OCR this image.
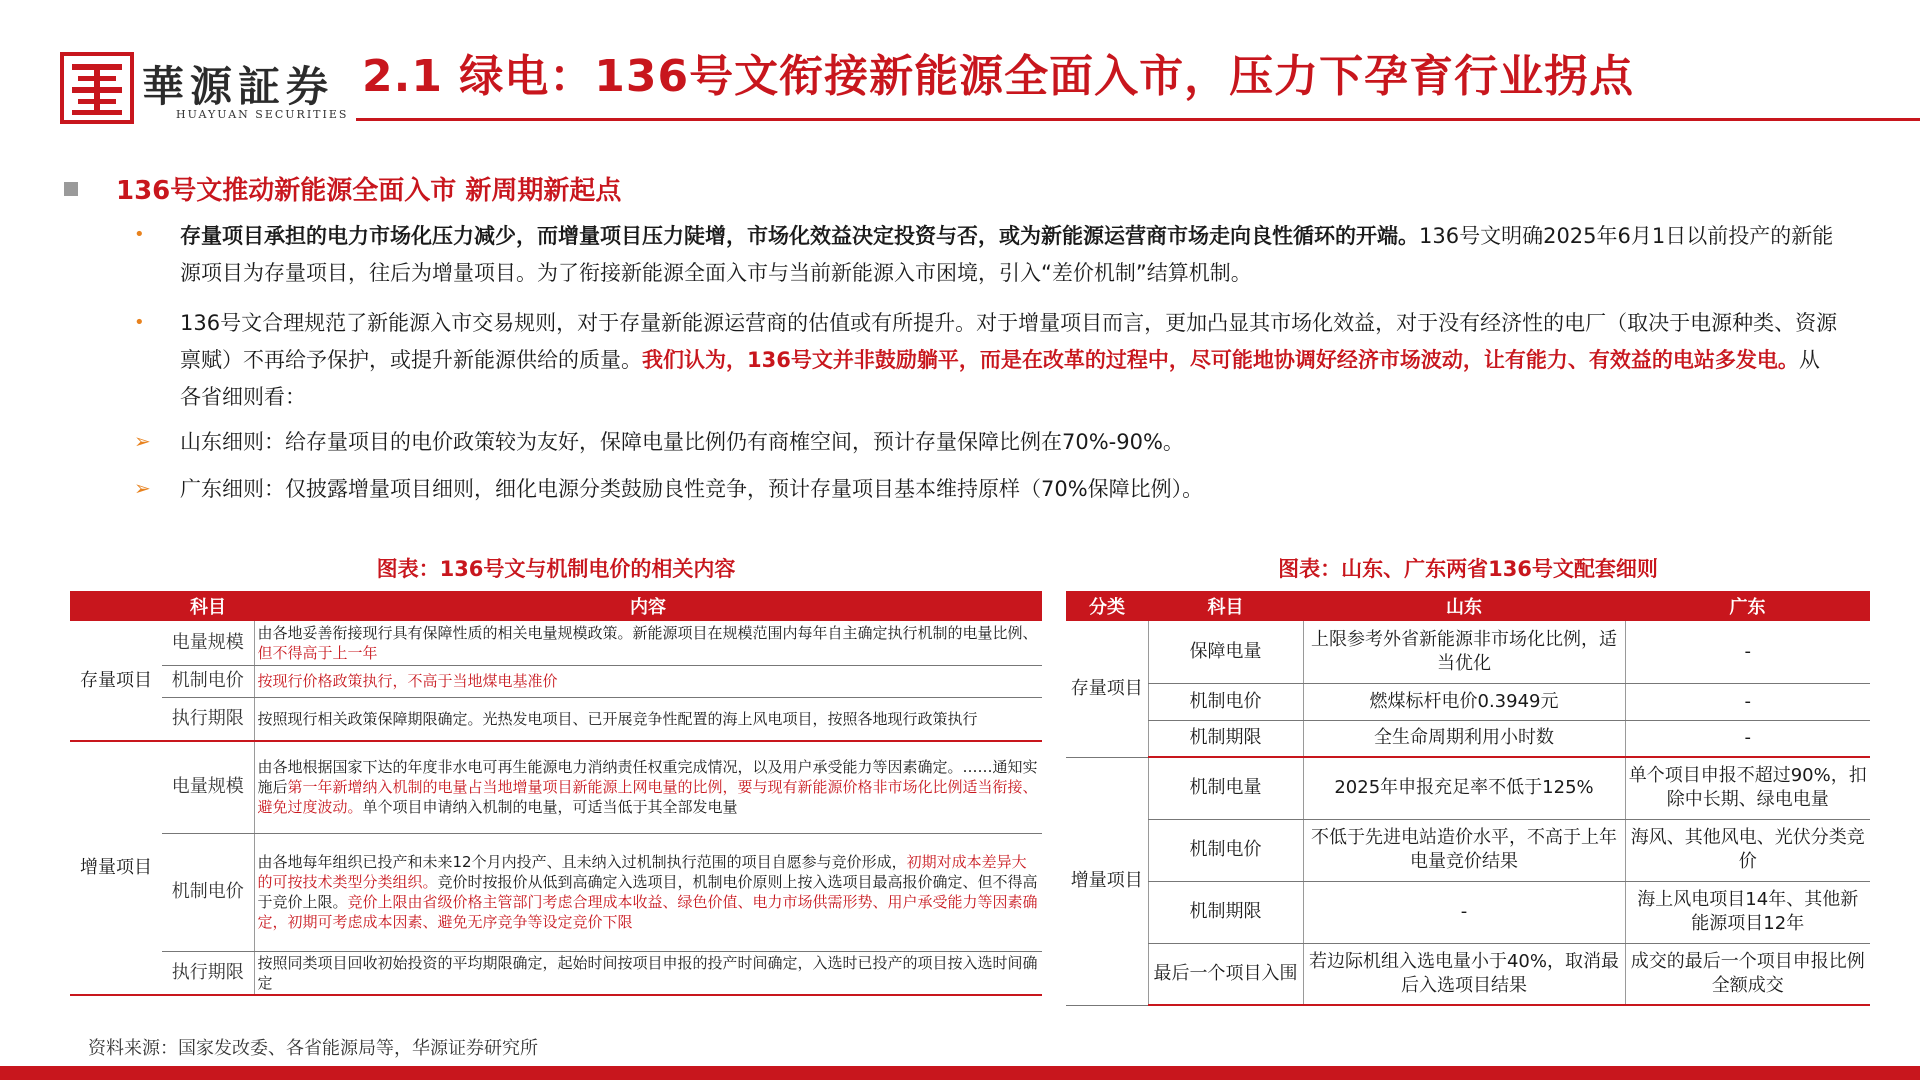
華源証券
HUAYUAN SECURITIES
2.1 绿电：136号文衔接新能源全面入市，压力下孕育行业拐点
136号文推动新能源全面入市 新周期新起点
• 存量项目承担的电力市场化压力减少，而增量项目压力陡增，市场化效益决定投资与否，或为新能源运营商市场走向良性循环的开端。136号文明确2025年6月1日以前投产的新能源项目为存量项目，往后为增量项目。为了衔接新能源全面入市与当前新能源入市困境，引入“差价机制”结算机制。
• 136号文合理规范了新能源入市交易规则，对于存量新能源运营商的估值或有所提升。对于增量项目而言，更加凸显其市场化效益，对于没有经济性的电厂（取决于电源种类、资源禀赋）不再给予保护，或提升新能源供给的质量。我们认为，136号文并非鼓励躺平，而是在改革的过程中，尽可能地协调好经济市场波动，让有能力、有效益的电站多发电。从各省细则看：
➢ 山东细则：给存量项目的电价政策较为友好，保障电量比例仍有商榷空间，预计存量保障比例在70%-90%。
➢ 广东细则：仅披露增量项目细则，细化电源分类鼓励良性竞争，预计存量项目基本维持原样（70%保障比例）。
图表：136号文与机制电价的相关内容
	科目	内容
存量项目	电量规模	由各地妥善衔接现行具有保障性质的相关电量规模政策。新能源项目在规模范围内每年自主确定执行机制的电量比例、但不得高于上一年
	机制电价	按现行价格政策执行，不高于当地煤电基准价
	执行期限	按照现行相关政策保障期限确定。光热发电项目、已开展竞争性配置的海上风电项目，按照各地现行政策执行
增量项目	电量规模	由各地根据国家下达的年度非水电可再生能源电力消纳责任权重完成情况，以及用户承受能力等因素确定。……通知实施后第一年新增纳入机制的电量占当地增量项目新能源上网电量的比例，要与现有新能源价格非市场化比例适当衔接、避免过度波动。单个项目申请纳入机制的电量，可适当低于其全部发电量
	机制电价	由各地每年组织已投产和未来12个月内投产、且未纳入过机制执行范围的项目自愿参与竞价形成，初期对成本差异大的可按技术类型分类组织。竞价时按报价从低到高确定入选项目，机制电价原则上按入选项目最高报价确定、但不得高于竞价上限。竞价上限由省级价格主管部门考虑合理成本收益、绿色价值、电力市场供需形势、用户承受能力等因素确定，初期可考虑成本因素、避免无序竞争等设定竞价下限
	执行期限	按照同类项目回收初始投资的平均期限确定，起始时间按项目申报的投产时间确定，入选时已投产的项目按入选时间确定
图表：山东、广东两省136号文配套细则
分类	科目	山东	广东
存量项目	保障电量	上限参考外省新能源非市场化比例，适当优化	-
	机制电价	燃煤标杆电价0.3949元	-
	机制期限	全生命周期利用小时数	-
增量项目	机制电量	2025年申报充足率不低于125%	单个项目申报不超过90%，扣除中长期、绿电电量
	机制电价	不低于先进电站造价水平，不高于上年电量竞价结果	海风、其他风电、光伏分类竞价
	机制期限	-	海上风电项目14年、其他新能源项目12年
	最后一个项目入围	若边际机组入选电量小于40%，取消最后入选项目结果	成交的最后一个项目申报比例全额成交
资料来源：国家发改委、各省能源局等，华源证券研究所
